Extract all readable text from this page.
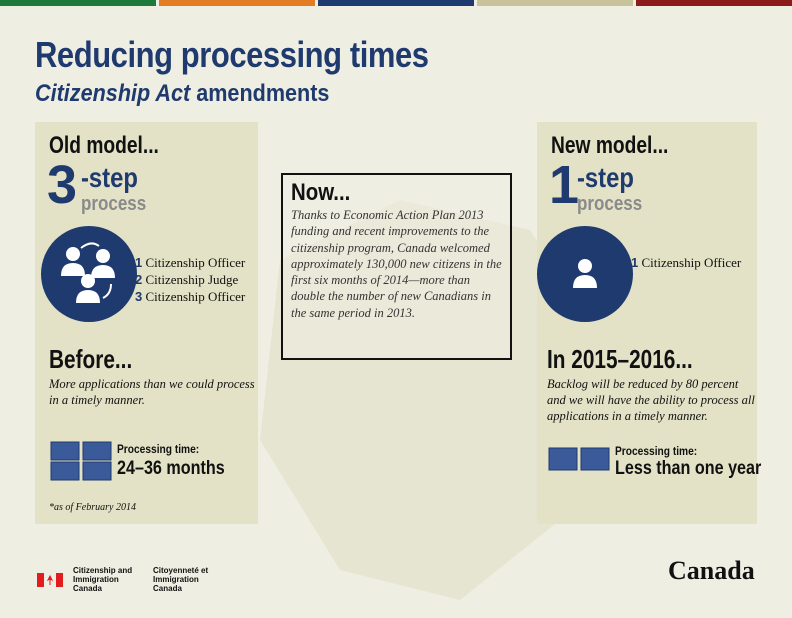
Reducing processing times
Citizenship Act amendments
Old model...
3 -step
process
1 Citizenship Officer
2 Citizenship Judge
3 Citizenship Officer
Before...
More applications than we could process in a timely manner.
Processing time:
24–36 months
*as of February 2014
Now...

Thanks to Economic Action Plan 2013 funding and recent improvements to the citizenship program, Canada welcomed approximately 130,000 new citizens in the first six months of 2014—more than double the number of new Canadians in the same period in 2013.

New model...
1
-step
process
1 Citizenship Officer
In 2015–2016...
Backlog will be reduced by 80 percent and we will have the ability to process all applications in a timely manner.
Processing time:
Less than one year
Citizenship and Immigration Canada
Citoyenneté et Immigration Canada
Canada
